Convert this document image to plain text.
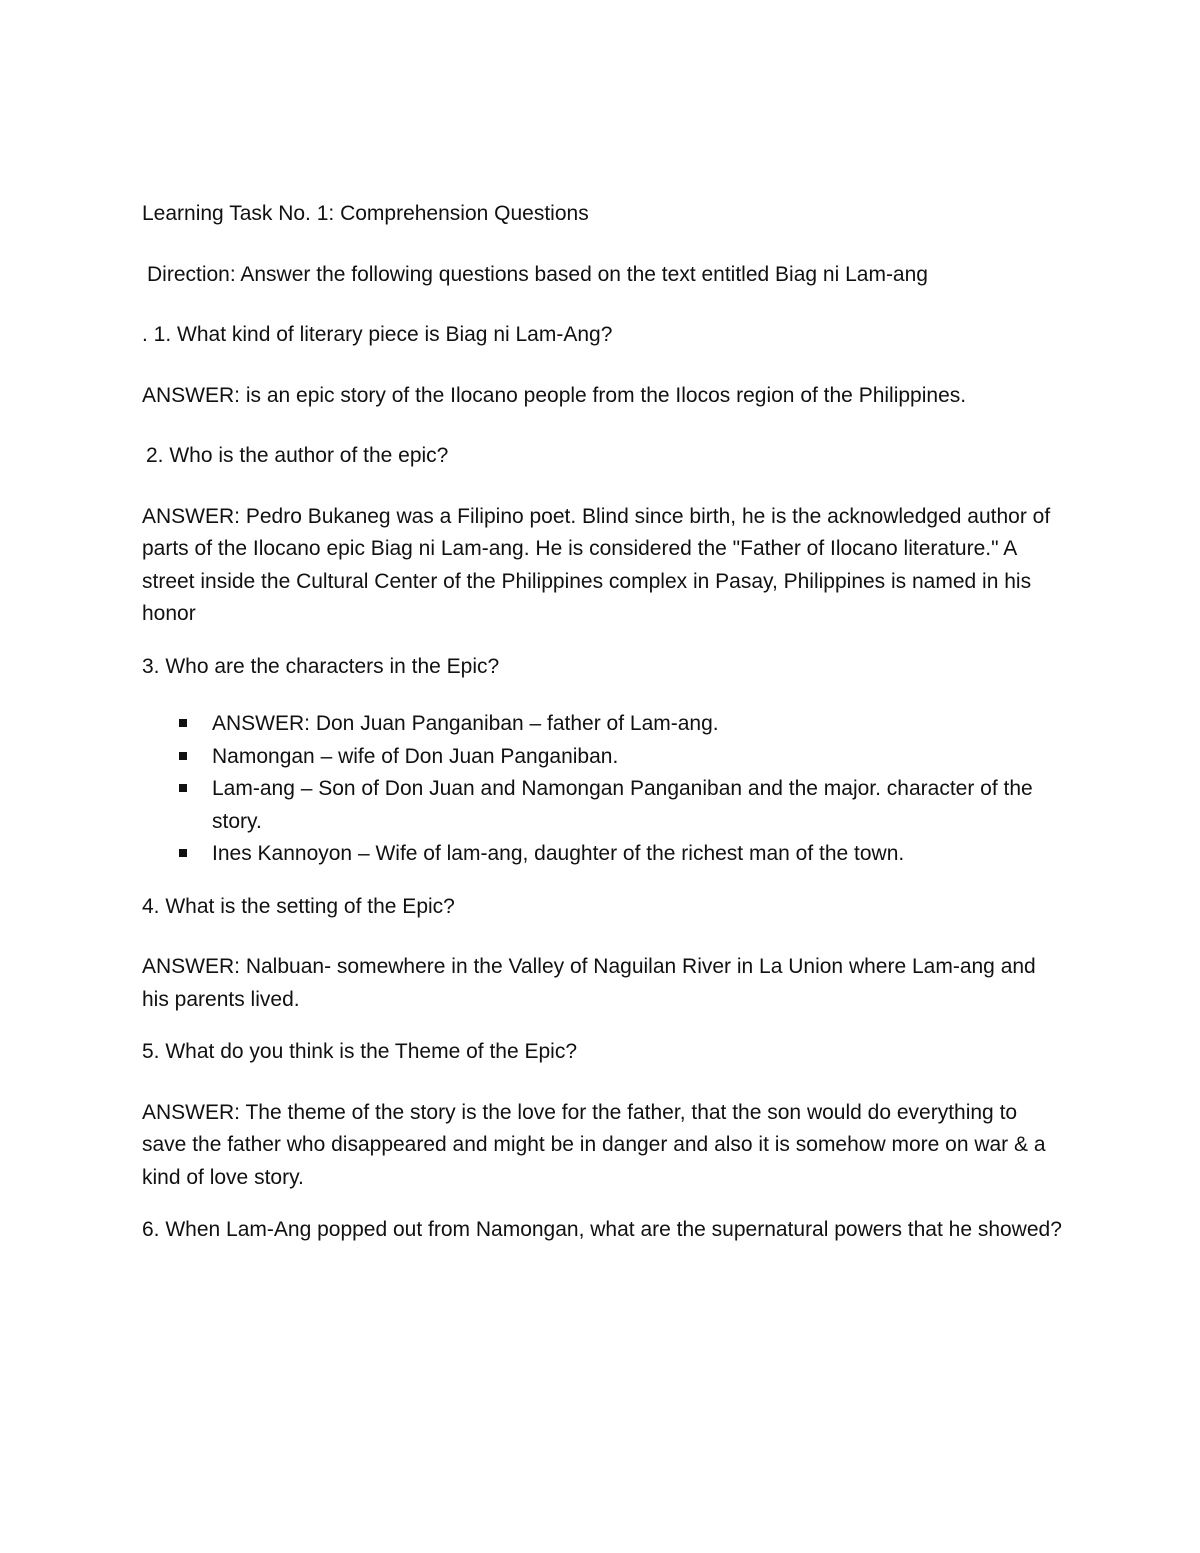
Learning Task No. 1: Comprehension Questions

Direction: Answer the following questions based on the text entitled Biag ni Lam-ang

. 1. What kind of literary piece is Biag ni Lam-Ang?

ANSWER: is an epic story of the Ilocano people from the Ilocos region of the Philippines.

2. Who is the author of the epic?

ANSWER: Pedro Bukaneg was a Filipino poet. Blind since birth, he is the acknowledged author of parts of the Ilocano epic Biag ni Lam-ang. He is considered the "Father of Ilocano literature." A street inside the Cultural Center of the Philippines complex in Pasay, Philippines is named in his honor

3. Who are the characters in the Epic?

ANSWER: Don Juan Panganiban – father of Lam-ang.
Namongan – wife of Don Juan Panganiban.
Lam-ang – Son of Don Juan and Namongan Panganiban and the major. character of the story.
Ines Kannoyon – Wife of lam-ang, daughter of the richest man of the town.

4. What is the setting of the Epic?

ANSWER: Nalbuan- somewhere in the Valley of Naguilan River in La Union where Lam-ang and his parents lived.

5. What do you think is the Theme of the Epic?

ANSWER: The theme of the story is the love for the father, that the son would do everything to save the father who disappeared and might be in danger and also it is somehow more on war & a kind of love story.

6. When Lam-Ang popped out from Namongan, what are the supernatural powers that he showed?
